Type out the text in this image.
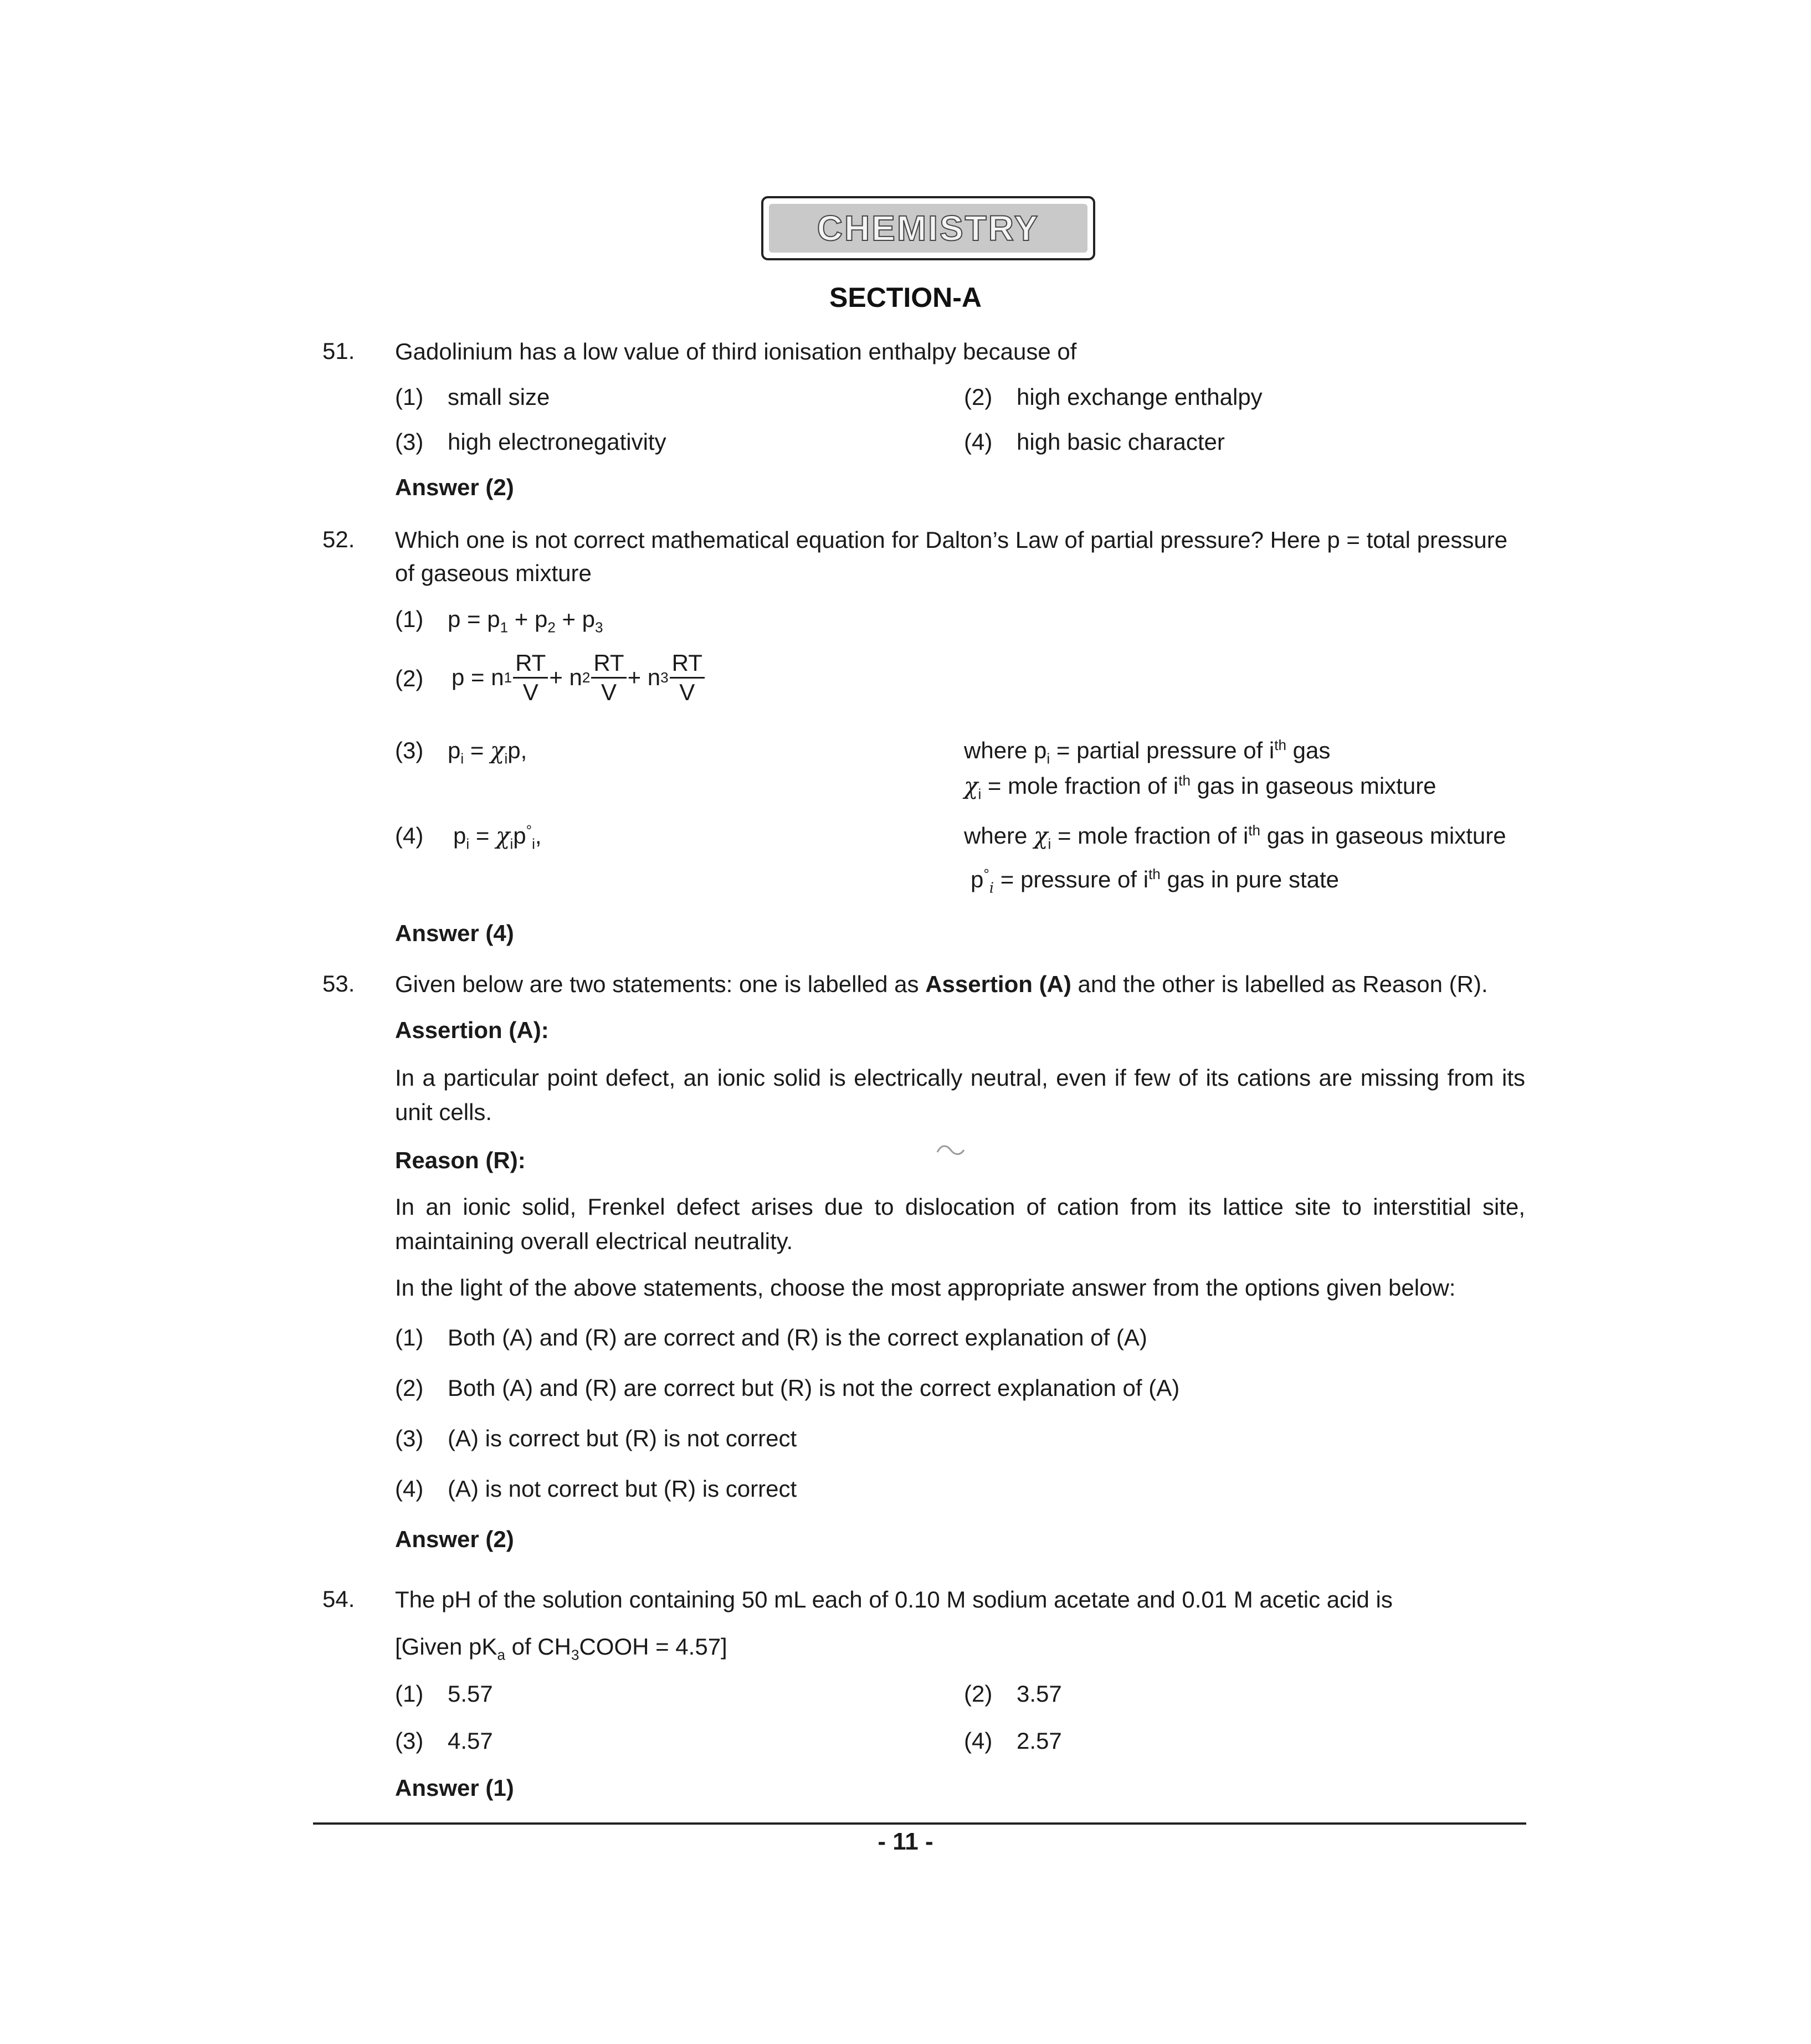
CHEMISTRY
SECTION-A
51. Gadolinium has a low value of third ionisation enthalpy because of
(1) small size	(2) high exchange enthalpy
(3) high electronegativity	(4) high basic character
Answer (2)
52. Which one is not correct mathematical equation for Dalton’s Law of partial pressure? Here p = total pressure
of gaseous mixture
(1) $p = p_1 + p_2 + p_3$
(2) p = n $1 \frac{RT}{V} + n$ $2 \frac{RT}{V} + n$ $3 \frac{RT}{V}$
(3) $p_i = \chi_ip$,	where $p_i$ = partial pressure of $i^{th}$ gas
$\chi_i$ = mole fraction of $i^{th}$ gas in gaseous mixture
(4) $p_i = \chi_ip^\circ_i$,	where $\chi_i$ = mole fraction of $i^{th}$ gas in gaseous mixture
$p^\circ_i$ = pressure of $i^{th}$ gas in pure state
Answer (4)
53. Given below are two statements: one is labelled as Assertion (A) and the other is labelled as Reason (R).
Assertion (A):
In a particular point defect, an ionic solid is electrically neutral, even if few of its cations are missing from its unit cells.
Reason (R):
In an ionic solid, Frenkel defect arises due to dislocation of cation from its lattice site to interstitial site, maintaining overall electrical neutrality.
In the light of the above statements, choose the most appropriate answer from the options given below:
(1) Both (A) and (R) are correct and (R) is the correct explanation of (A)
(2) Both (A) and (R) are correct but (R) is not the correct explanation of (A)
(3) (A) is correct but (R) is not correct
(4) (A) is not correct but (R) is correct
Answer (2)
54. The pH of the solution containing 50 mL each of 0.10 M sodium acetate and 0.01 M acetic acid is
[Given $pK_a$ of $CH_3COOH = 4.57$]
(1) 5.57	(2) 3.57
(3) 4.57	(4) 2.57
Answer (1)
- 11 -
